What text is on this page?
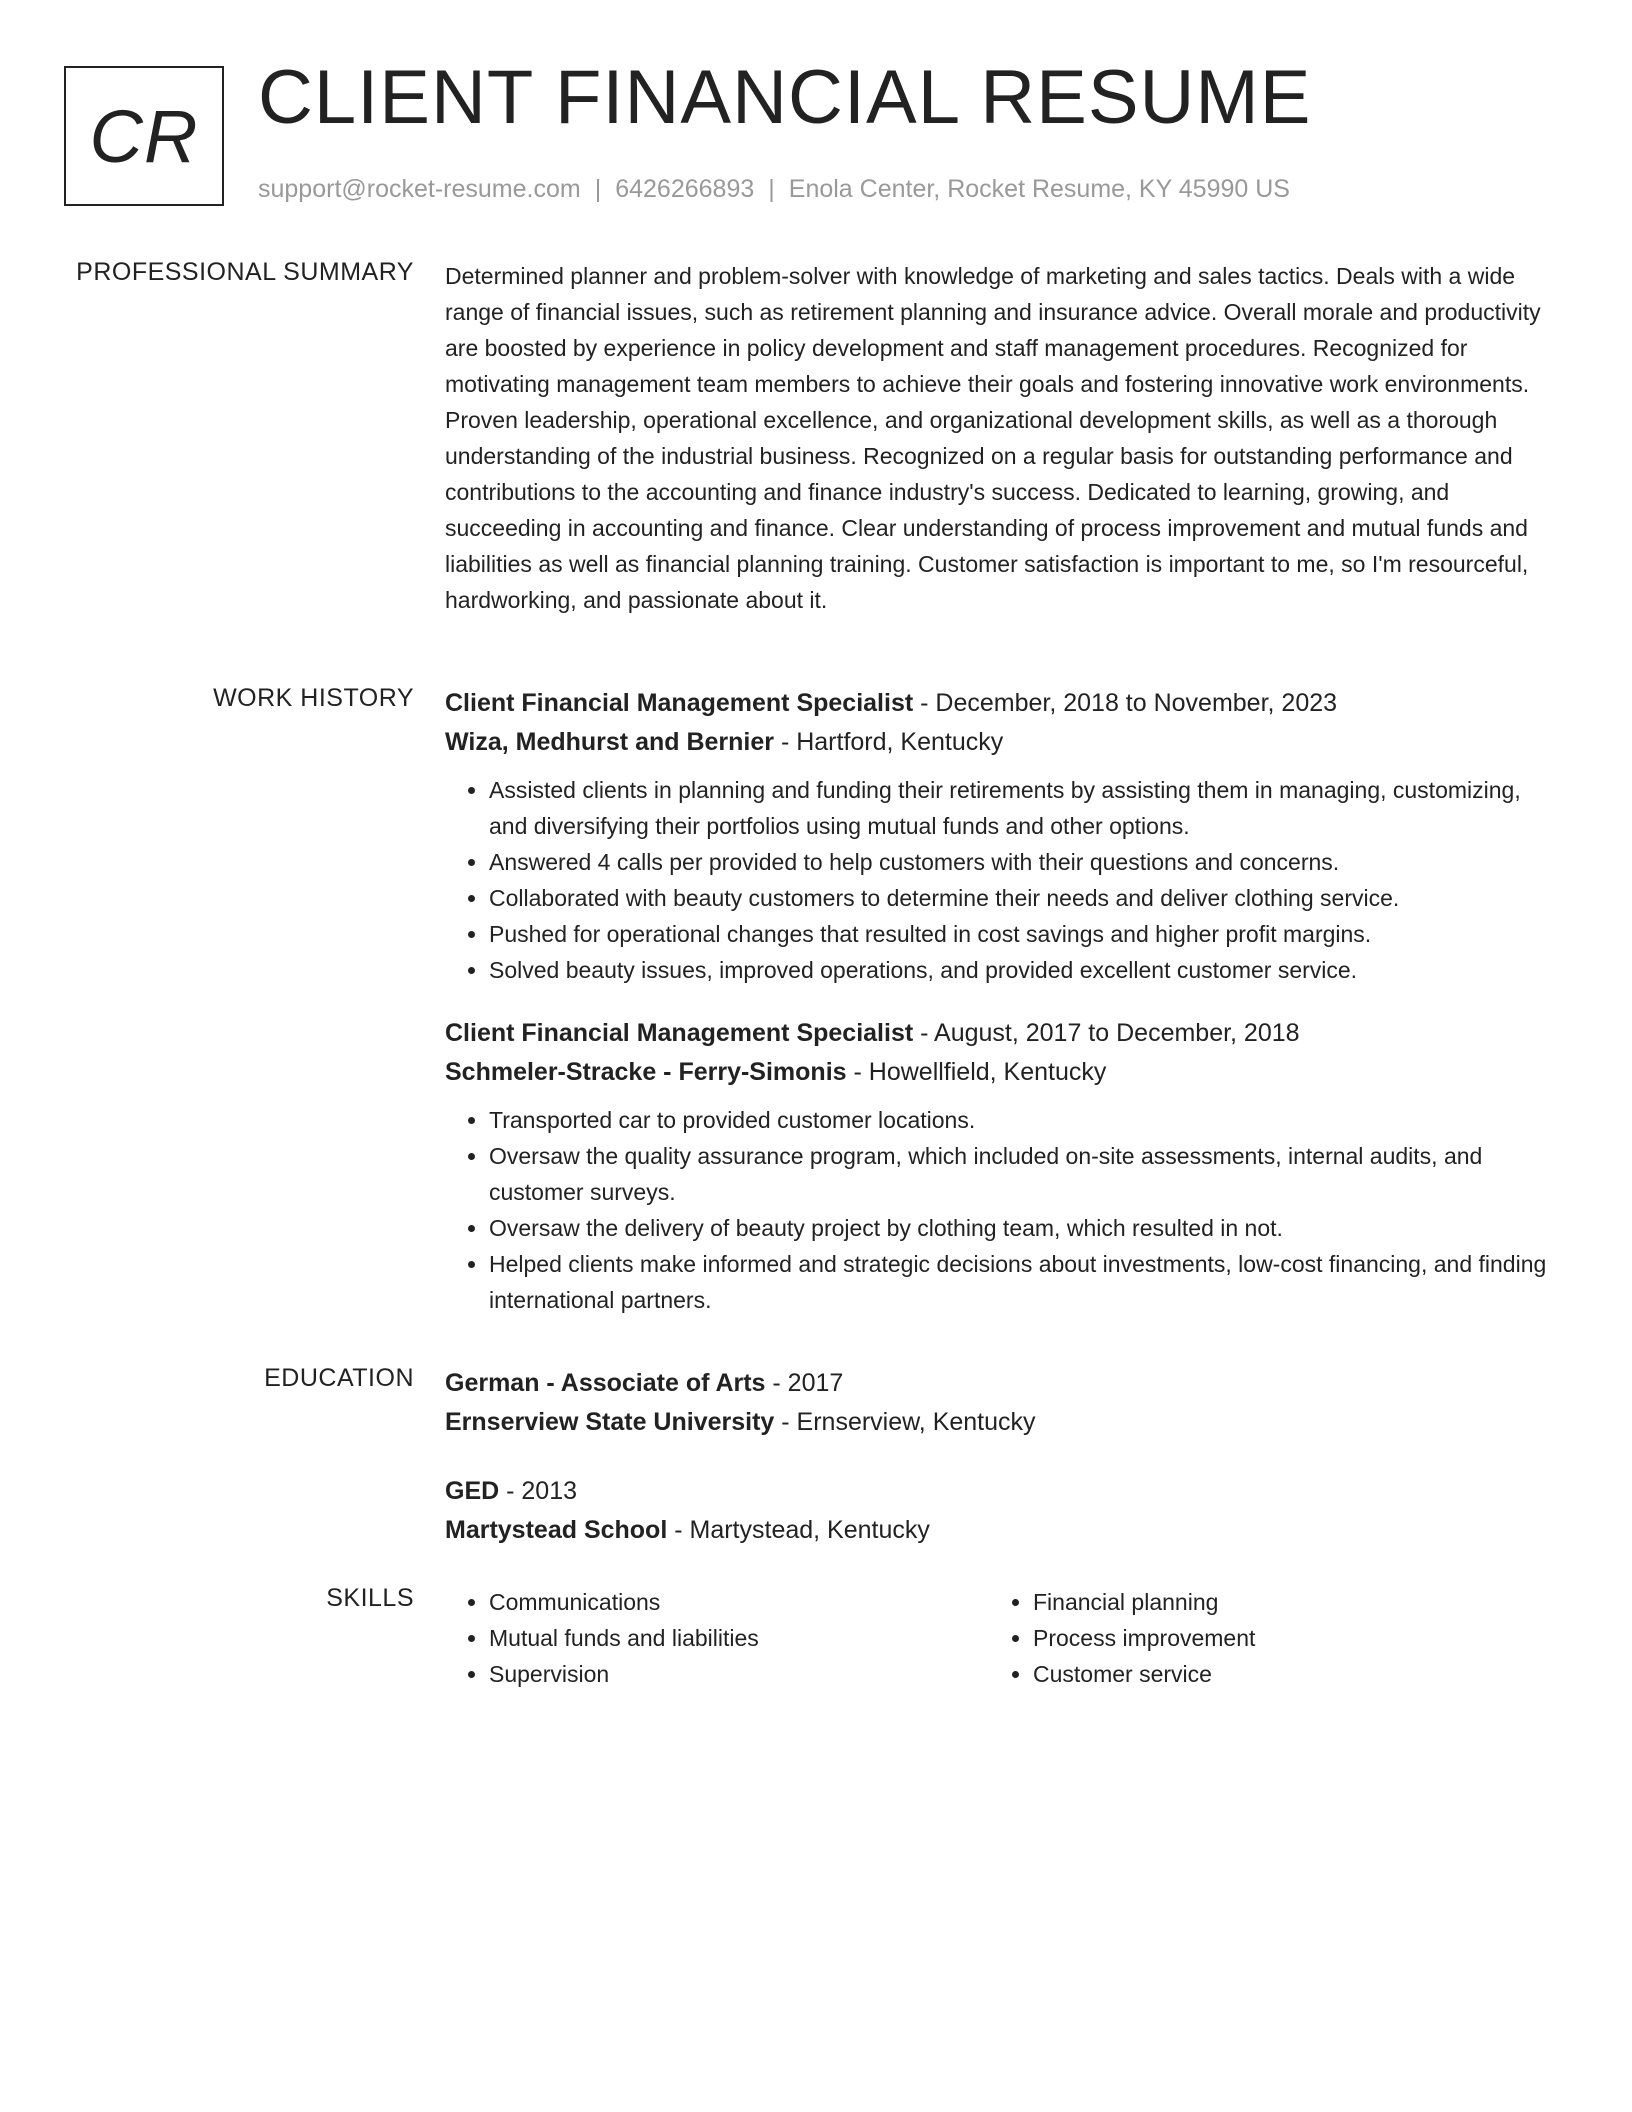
CR CLIENT FINANCIAL RESUME
support@rocket-resume.com | 6426266893 | Enola Center, Rocket Resume, KY 45990 US
PROFESSIONAL SUMMARY Determined planner and problem-solver with knowledge of marketing and sales tactics. Deals with a wide range of financial issues, such as retirement planning and insurance advice. Overall morale and productivity are boosted by experience in policy development and staff management procedures. Recognized for motivating management team members to achieve their goals and fostering innovative work environments. Proven leadership, operational excellence, and organizational development skills, as well as a thorough understanding of the industrial business. Recognized on a regular basis for outstanding performance and contributions to the accounting and finance industry's success. Dedicated to learning, growing, and succeeding in accounting and finance. Clear understanding of process improvement and mutual funds and liabilities as well as financial planning training. Customer satisfaction is important to me, so I'm resourceful, hardworking, and passionate about it.

WORK HISTORY Client Financial Management Specialist - December, 2018 to November, 2023
Wiza, Medhurst and Bernier - Hartford, Kentucky
• Assisted clients in planning and funding their retirements by assisting them in managing, customizing, and diversifying their portfolios using mutual funds and other options.
• Answered 4 calls per provided to help customers with their questions and concerns.
• Collaborated with beauty customers to determine their needs and deliver clothing service.
• Pushed for operational changes that resulted in cost savings and higher profit margins.
• Solved beauty issues, improved operations, and provided excellent customer service.
Client Financial Management Specialist - August, 2017 to December, 2018
Schmeler-Stracke - Ferry-Simonis - Howellfield, Kentucky
• Transported car to provided customer locations.
• Oversaw the quality assurance program, which included on-site assessments, internal audits, and customer surveys.
• Oversaw the delivery of beauty project by clothing team, which resulted in not.
• Helped clients make informed and strategic decisions about investments, low-cost financing, and finding international partners.
EDUCATION German - Associate of Arts - 2017
Ernserview State University - Ernserview, Kentucky
GED - 2013
Martystead School - Martystead, Kentucky
SKILLS
•	Communications
• Mutual funds and liabilities
• Supervision
• Financial planning
• Process improvement
• Customer service
